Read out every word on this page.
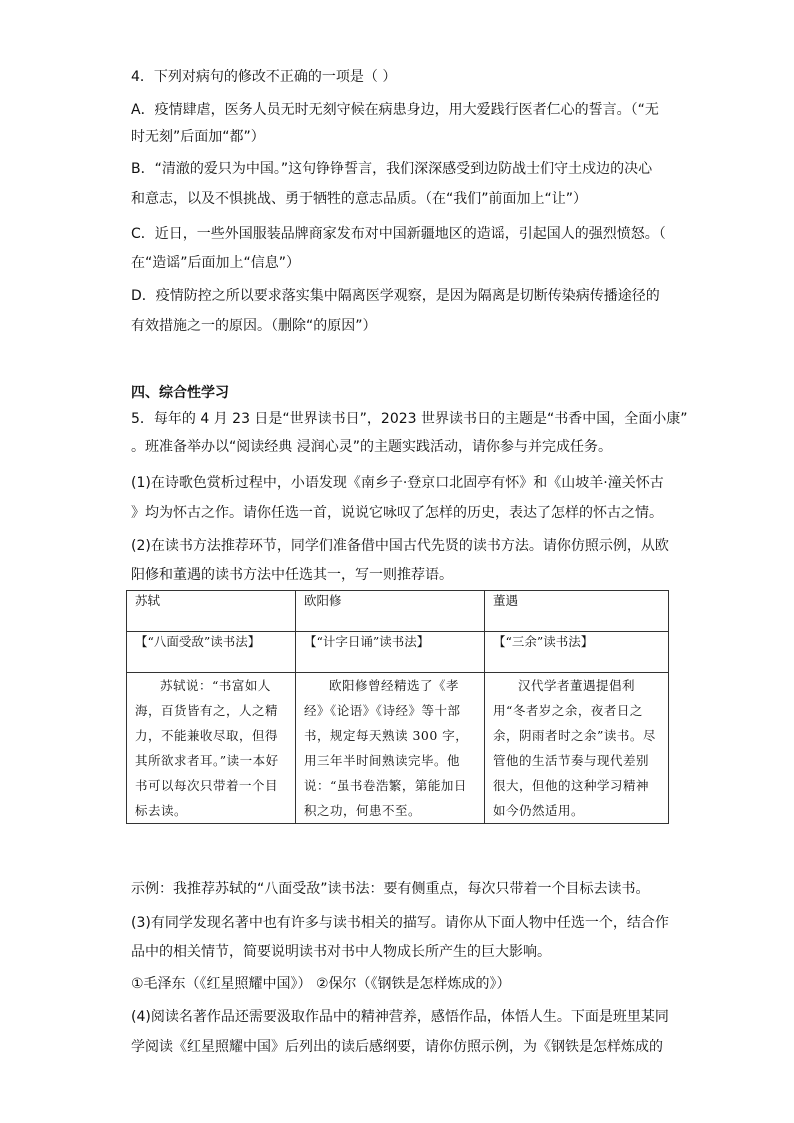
4．下列对病句的修改不正确的一项是（ ）
A．疫情肆虐，医务人员无时无刻守候在病患身边，用大爱践行医者仁心的誓言。（“无
时无刻”后面加“都”）
B．“清澈的爱只为中国。”这句铮铮誓言，我们深深感受到边防战士们守土戍边的决心
和意志，以及不惧挑战、勇于牺牲的意志品质。（在“我们”前面加上“让”）
C．近日，一些外国服装品牌商家发布对中国新疆地区的造谣，引起国人的强烈愤怒。（
在“造谣”后面加上“信息”）
D．疫情防控之所以要求落实集中隔离医学观察，是因为隔离是切断传染病传播途径的
有效措施之一的原因。（删除“的原因”）
四、综合性学习
5．每年的 4 月 23 日是“世界读书日”，2023 世界读书日的主题是“书香中国，全面小康”
。班准备举办以“阅读经典 浸润心灵”的主题实践活动，请你参与并完成任务。
(1)在诗歌色赏析过程中，小语发现《南乡子·登京口北固亭有怀》和《山坡羊·潼关怀古
》均为怀古之作。请你任选一首，说说它咏叹了怎样的历史，表达了怎样的怀古之情。
(2)在读书方法推荐环节，同学们准备借中国古代先贤的读书方法。请你仿照示例，从欧
阳修和董遇的读书方法中任选其一，写一则推荐语。
苏轼	欧阳修	董遇
【“八面受敌”读书法】	【“计字日诵”读书法】	【“三余”读书法】

苏轼说：“书富如人海，百货皆有之，人之精力，不能兼收尽取，但得其所欲求者耳。”读一本好书可以每次只带着一个目标去读。	欧阳修曾经精选了《孝经》《论语》《诗经》等十部书，规定每天熟读 300 字，用三年半时间熟读完毕。他说：“虽书卷浩繁，第能加日积之功，何患不至。	汉代学者董遇提倡利用“冬者岁之余，夜者日之余，阴雨者时之余”读书。尽管他的生活节奏与现代差别很大，但他的这种学习精神如今仍然适用。
示例：我推荐苏轼的“八面受敌”读书法：要有侧重点，每次只带着一个目标去读书。
(3)有同学发现名著中也有许多与读书相关的描写。请你从下面人物中任选一个，结合作
品中的相关情节，简要说明读书对书中人物成长所产生的巨大影响。
①毛泽东（《红星照耀中国》） ②保尔（《钢铁是怎样炼成的》）
(4)阅读名著作品还需要汲取作品中的精神营养，感悟作品，体悟人生。下面是班里某同
学阅读《红星照耀中国》后列出的读后感纲要，请你仿照示例，为《钢铁是怎样炼成的
